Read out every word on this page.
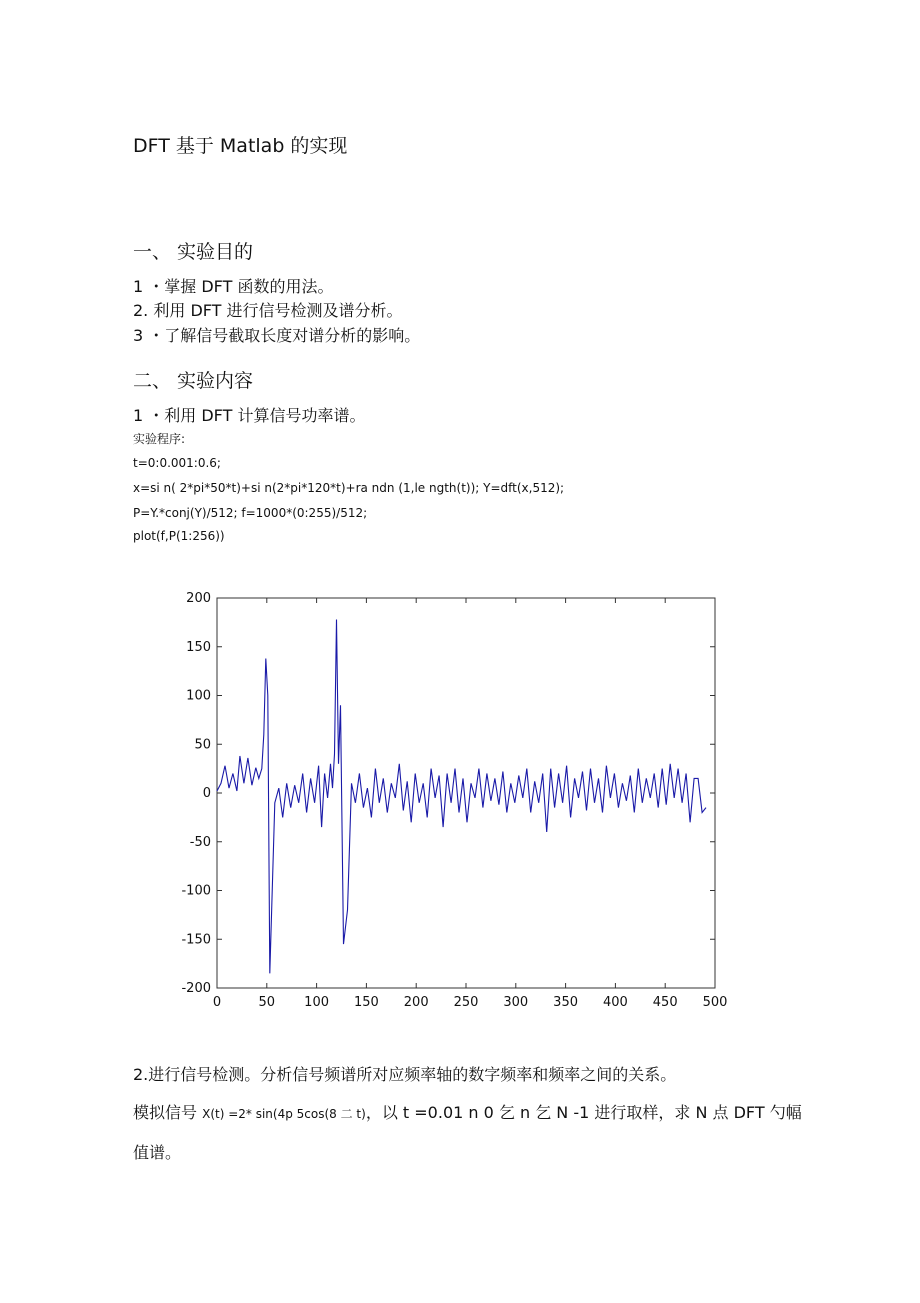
DFT 基于 Matlab 的实现
一、 实验目的
1 ・掌握 DFT 函数的用法。
2. 利用 DFT 进行信号检测及谱分析。
3 ・了解信号截取长度对谱分析的影响。
二、 实验内容
1 ・利用 DFT 计算信号功率谱。
实验程序:
t=0:0.001:0.6;
x=si n( 2*pi*50*t)+si n(2*pi*120*t)+ra ndn (1,le ngth(t)); Y=dft(x,512);
P=Y.*conj(Y)/512; f=1000*(0:255)/512;
plot(f,P(1:256))
0	50 100 150 200 250 300 350 400 450 500
200
150
100
50
0
-50
-100
-150
-200
2.进行信号检测。分析信号频谱所对应频率轴的数字频率和频率之间的关系。
模拟信号 X(t) =2* sin(4p 5cos(8 二 t)，以 t =0.01 n 0 乞 n 乞 N -1 进行取样，求 N 点 DFT 勺幅
值谱。
